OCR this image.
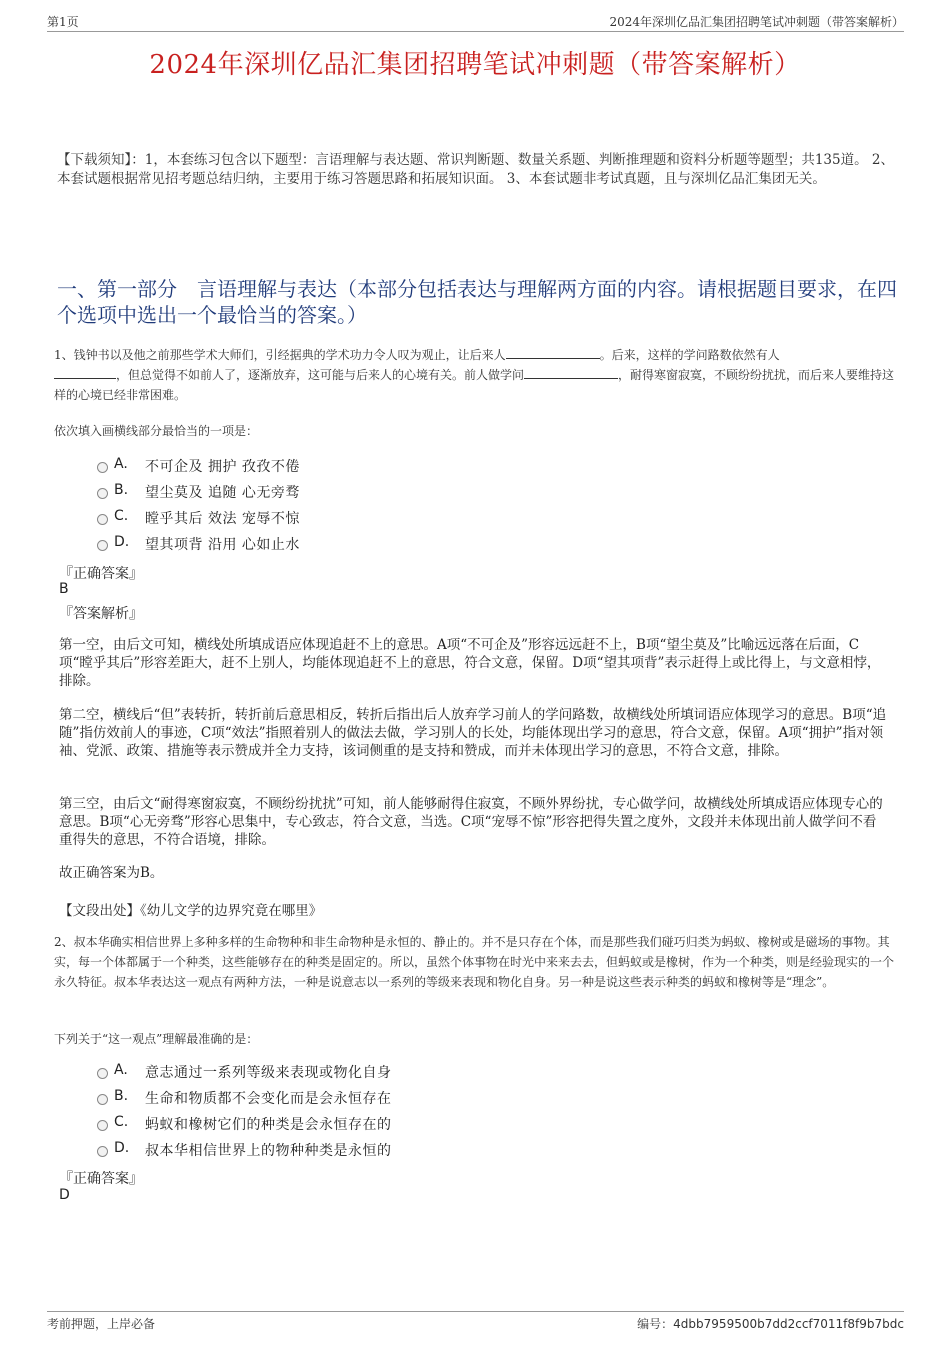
第1页	2024年深圳亿品汇集团招聘笔试冲刺题（带答案解析）
2024年深圳亿品汇集团招聘笔试冲刺题（带答案解析）
【下载须知】：1，本套练习包含以下题型：言语理解与表达题、常识判断题、数量关系题、判断推理题和资料分析题等题型；共135道。 2、本套试题根据常见招考题总结归纳，主要用于练习答题思路和拓展知识面。 3、本套试题非考试真题，且与深圳亿品汇集团无关。
一、第一部分　言语理解与表达（本部分包括表达与理解两方面的内容。请根据题目要求，在四个选项中选出一个最恰当的答案。）

1、钱钟书以及他之前那些学术大师们，引经据典的学术功力令人叹为观止，让后来人	。后来，这样的学问路数依然有人
，但总觉得不如前人了，逐渐放弃，这可能与后来人的心境有关。前人做学问	，耐得寒窗寂寞，不顾纷纷扰扰，而后来人要维持这样的心境已经非常困难。

依次填入画横线部分最恰当的一项是：

A. 不可企及 拥护 孜孜不倦
B. 望尘莫及 追随 心无旁骛
C. 瞠乎其后 效法 宠辱不惊
D. 望其项背 沿用 心如止水

『正确答案』

B

『答案解析』

第一空，由后文可知，横线处所填成语应体现追赶不上的意思。A项“不可企及”形容远远赶不上，B项“望尘莫及”比喻远远落在后面，C项“瞠乎其后”形容差距大，赶不上别人，均能体现追赶不上的意思，符合文意，保留。D项“望其项背”表示赶得上或比得上，与文意相悖，排除。

第二空，横线后“但”表转折，转折前后意思相反，转折后指出后人放弃学习前人的学问路数，故横线处所填词语应体现学习的意思。B项“追随”指仿效前人的事迹，C项“效法”指照着别人的做法去做，学习别人的长处，均能体现出学习的意思，符合文意，保留。A项“拥护”指对领袖、党派、政策、措施等表示赞成并全力支持，该词侧重的是支持和赞成，而并未体现出学习的意思，不符合文意，排除。

第三空，由后文“耐得寒窗寂寞，不顾纷纷扰扰”可知，前人能够耐得住寂寞，不顾外界纷扰，专心做学问，故横线处所填成语应体现专心的意思。B项“心无旁骛”形容心思集中，专心致志，符合文意，当选。C项“宠辱不惊”形容把得失置之度外，文段并未体现出前人做学问不看重得失的意思，不符合语境，排除。

故正确答案为B。

【文段出处】《幼儿文学的边界究竟在哪里》

2、叔本华确实相信世界上多种多样的生命物种和非生命物种是永恒的、静止的。并不是只存在个体，而是那些我们碰巧归类为蚂蚁、橡树或是磁场的事物。其实，每一个体都属于一个种类，这些能够存在的种类是固定的。所以，虽然个体事物在时光中来来去去，但蚂蚁或是橡树，作为一个种类，则是经验现实的一个永久特征。叔本华表达这一观点有两种方法，一种是说意志以一系列的等级来表现和物化自身。另一种是说这些表示种类的蚂蚁和橡树等是“理念”。

下列关于“这一观点”理解最准确的是：

A. 意志通过一系列等级来表现或物化自身
B. 生命和物质都不会变化而是会永恒存在
C. 蚂蚁和橡树它们的种类是会永恒存在的
D. 叔本华相信世界上的物种种类是永恒的

『正确答案』

D

考前押题，上岸必备	编号：4dbb7959500b7dd2ccf7011f8f9b7bdc
